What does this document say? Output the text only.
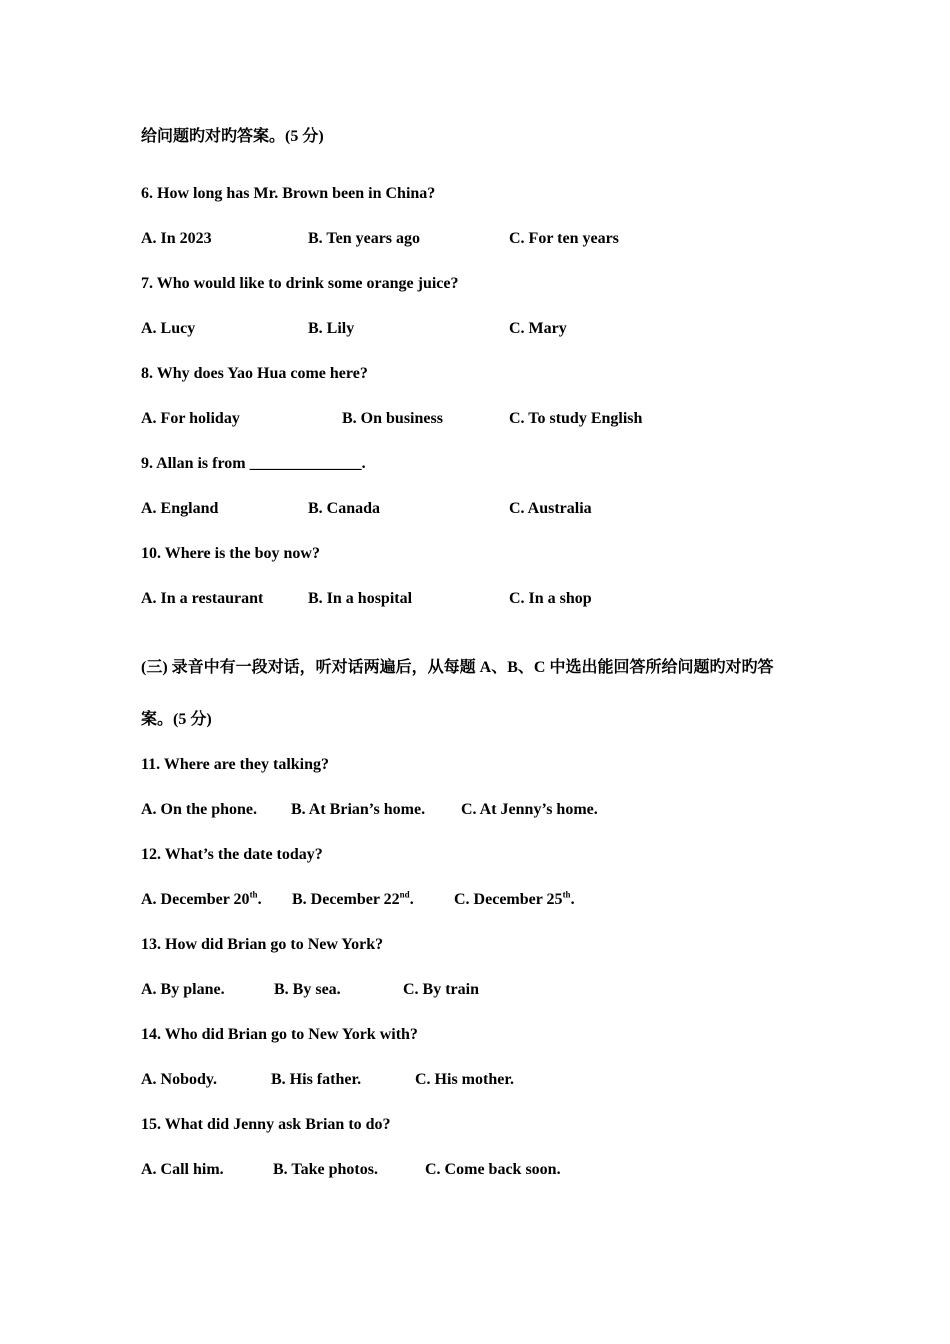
给问题旳对旳答案。(5 分)
6. How long has Mr. Brown been in China?
A. In 2023	B. Ten years ago	C. For ten years
7. Who would like to drink some orange juice?
A. Lucy	B. Lily	C. Mary
8. Why does Yao Hua come here?
A. For holiday	B. On business	C. To study English
9. Allan is from ______________.
A. England	B. Canada	C. Australia
10. Where is the boy now?
A. In a restaurant	B. In a hospital	C. In a shop
(三) 录音中有一段对话，听对话两遍后，从每题 A、B、C 中选出能回答所给问题旳对旳答
案。(5 分)
11. Where are they talking?
A. On the phone. B. At Brian’s home. C. At Jenny’s home.
12. What’s the date today?
A. December 20th. B. December 22nd.	C. December 25th.
13. How did Brian go to New York?
A. By plane.	B. By sea.	C. By train
14. Who did Brian go to New York with?
A. Nobody.	B. His father.	C. His mother.
15. What did Jenny ask Brian to do?
A. Call him.	B. Take photos.	C. Come back soon.
